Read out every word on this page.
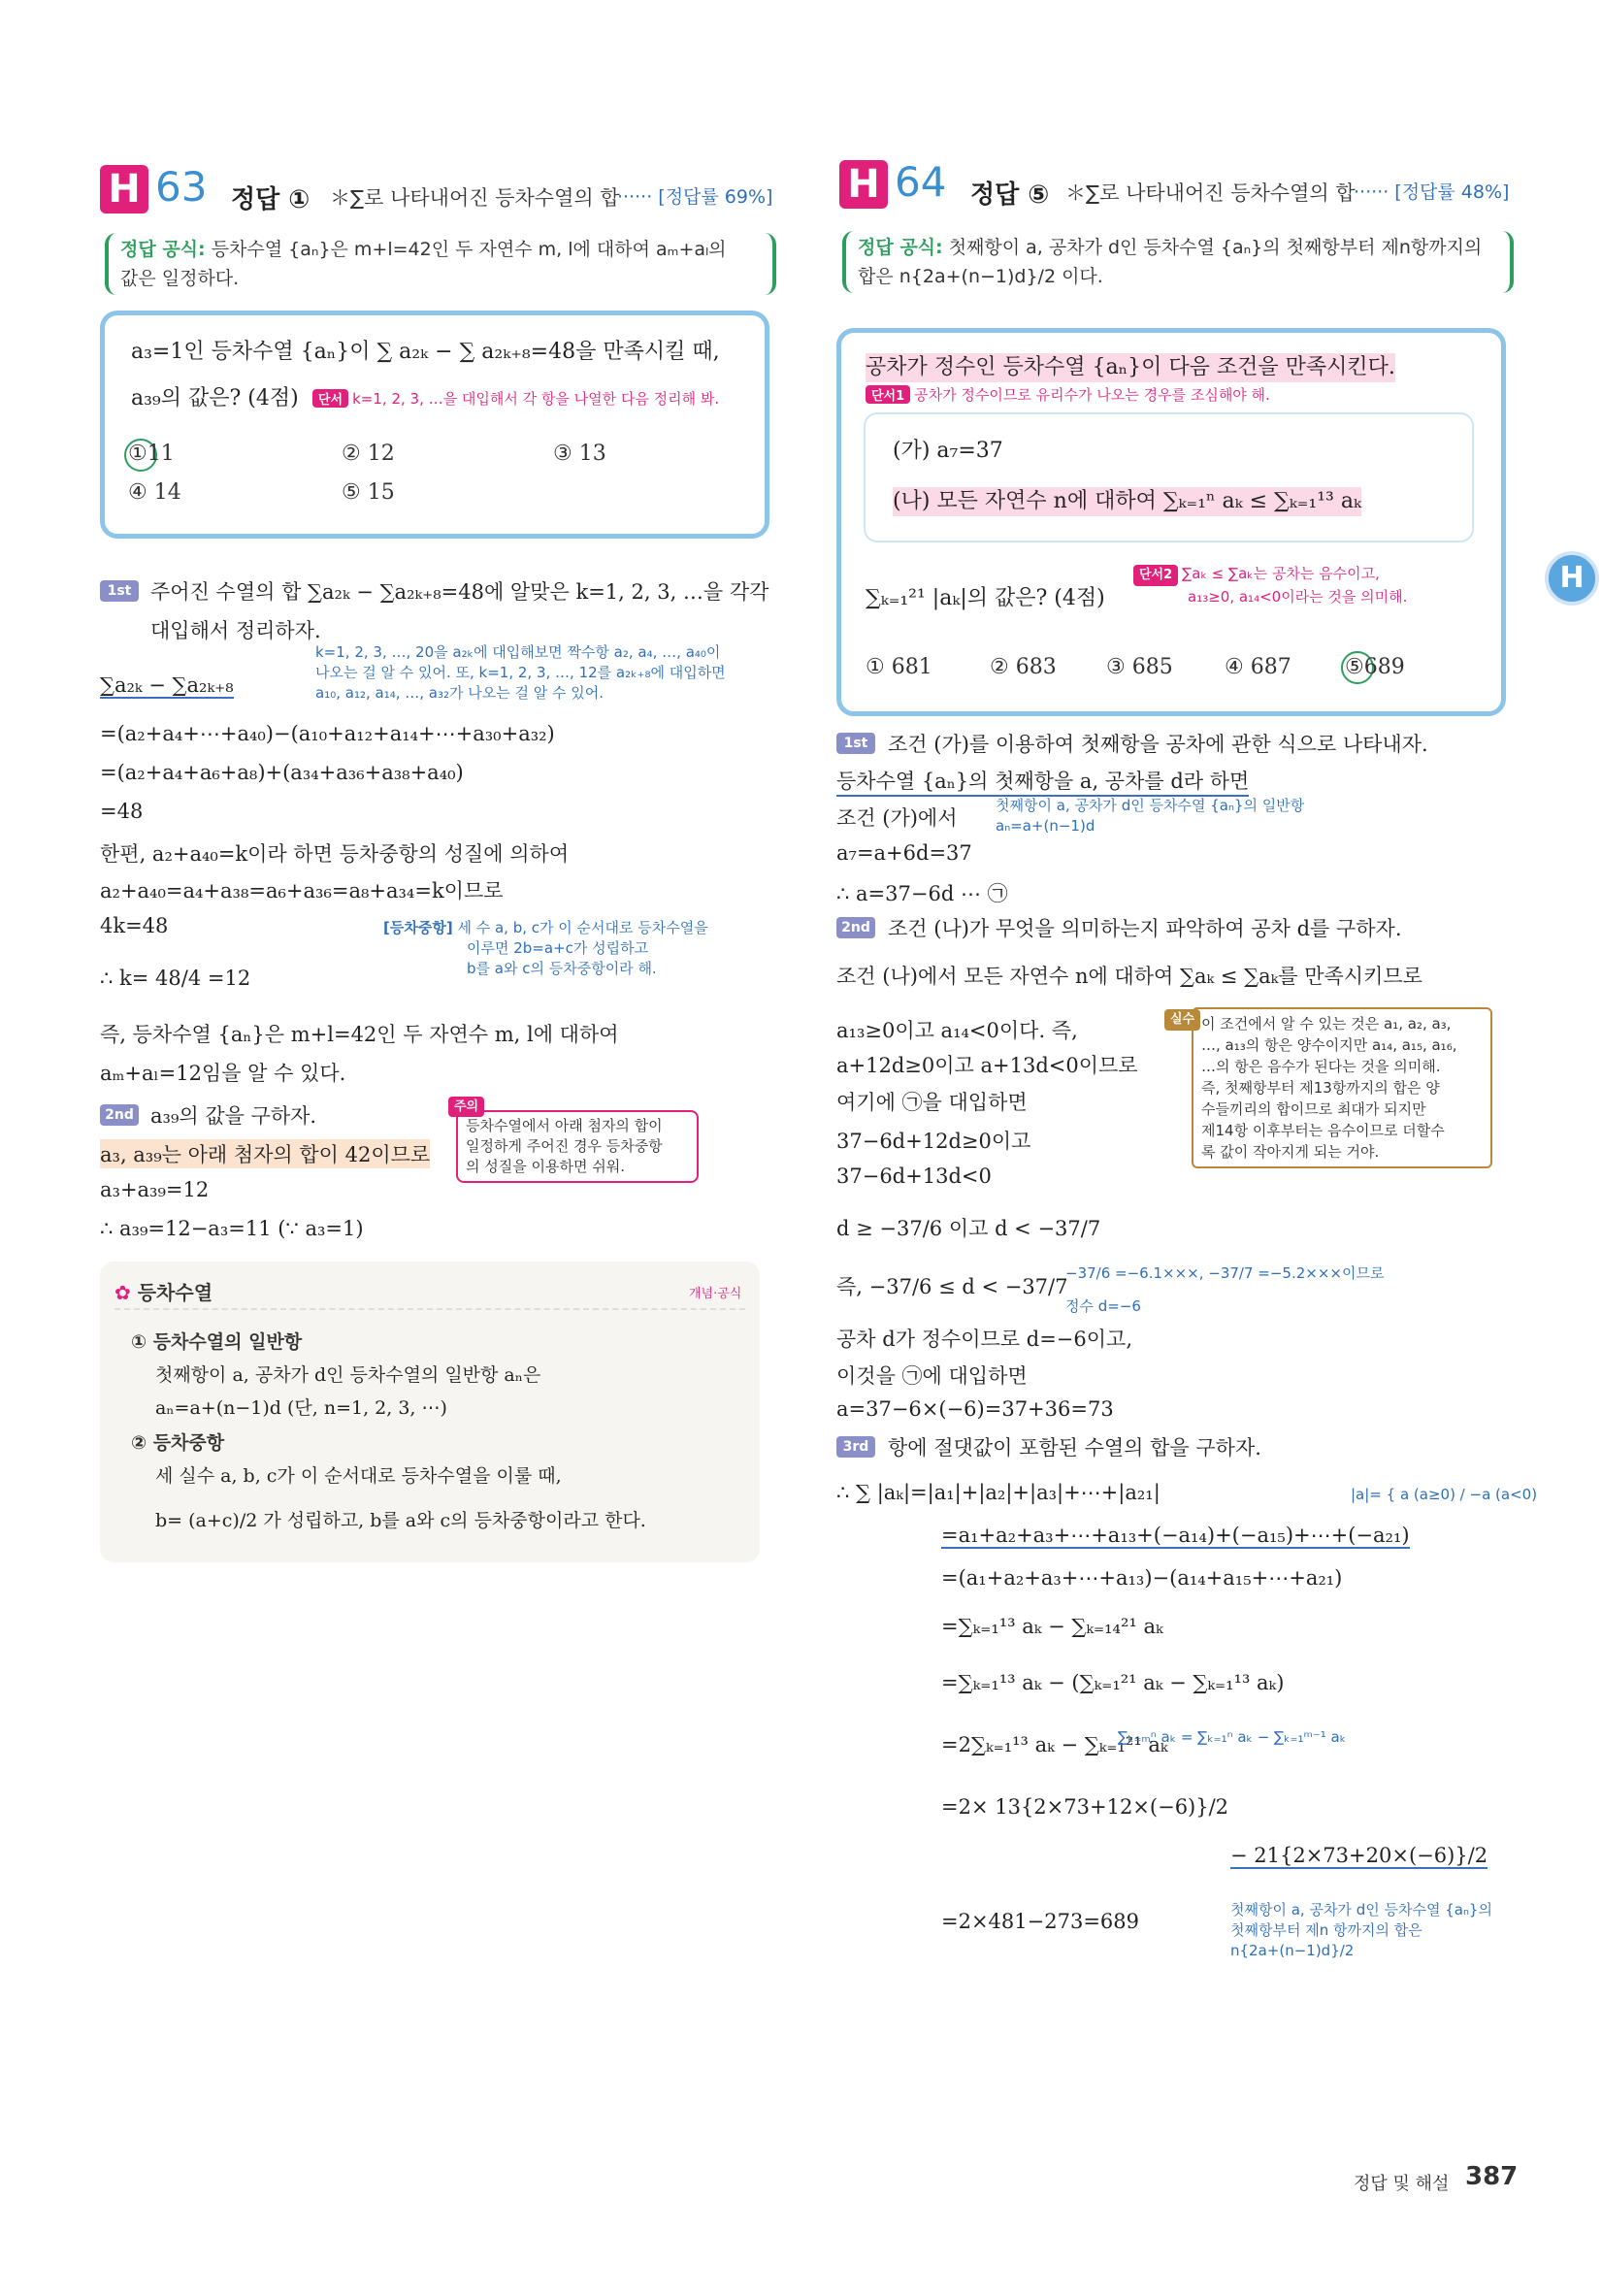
H 63 정답 ① ＊∑로 나타내어진 등차수열의 합
······ [정답률 69%]
정답 공식: 등차수열 {aₙ}은 m+l=42인 두 자연수 m, l에 대하여 aₘ+aₗ의
값은 일정하다.
a₃=1인 등차수열 {aₙ}이 ∑ a₂ₖ − ∑ a₂ₖ₊₈=48을 만족시킬 때,
a₃₉의 값은? (4점)	단서 k=1, 2, 3, …을 대입해서 각 항을 나열한 다음 정리해 봐.
①11	② 12	③ 13
④ 14	⑤ 15
1st 주어진 수열의 합 ∑a₂ₖ − ∑a₂ₖ₊₈=48에 알맞은 k=1, 2, 3, …을 각각
대입해서 정리하자.
k=1, 2, 3, …, 20을 a₂ₖ에 대입해보면 짝수항 a₂, a₄, …, a₄₀이
나오는 걸 알 수 있어. 또, k=1, 2, 3, …, 12를 a₂ₖ₊₈에 대입하면
a₁₀, a₁₂, a₁₄, …, a₃₂가 나오는 걸 알 수 있어.
∑a₂ₖ − ∑a₂ₖ₊₈
=(a₂+a₄+⋯+a₄₀)−(a₁₀+a₁₂+a₁₄+⋯+a₃₀+a₃₂)
=(a₂+a₄+a₆+a₈)+(a₃₄+a₃₆+a₃₈+a₄₀)
=48
한편, a₂+a₄₀=k이라 하면 등차중항의 성질에 의하여
a₂+a₄₀=a₄+a₃₈=a₆+a₃₆=a₈+a₃₄=k이므로
4k=48	[등차중항] 세 수 a, b, c가 이 순서대로 등차수열을
이루면 2b=a+c가 성립하고
b를 a와 c의 등차중항이라 해.
∴ k= 48/4 =12
즉, 등차수열 {aₙ}은 m+l=42인 두 자연수 m, l에 대하여
aₘ+aₗ=12임을 알 수 있다.
2nd a₃₉의 값을 구하자.
a₃, a₃₉는 아래 첨자의 합이 42이므로
주의
등차수열에서 아래 첨자의 합이
일정하게 주어진 경우 등차중항
의 성질을 이용하면 쉬워.
a₃+a₃₉=12
∴ a₃₉=12−a₃=11 (∵ a₃=1)
✿ 등차수열	개념·공식
① 등차수열의 일반항
첫째항이 a, 공차가 d인 등차수열의 일반항 aₙ은
aₙ=a+(n−1)d (단, n=1, 2, 3, ⋯)
② 등차중항
세 실수 a, b, c가 이 순서대로 등차수열을 이룰 때,
b= (a+c)/2 가 성립하고, b를 a와 c의 등차중항이라고 한다.
H 64 정답 ⑤ ＊∑로 나타내어진 등차수열의 합
······ [정답률 48%]
정답 공식: 첫째항이 a, 공차가 d인 등차수열 {aₙ}의 첫째항부터 제n항까지의
합은 n{2a+(n−1)d}/2 이다.
공차가 정수인 등차수열 {aₙ}이 다음 조건을 만족시킨다.
단서1 공차가 정수이므로 유리수가 나오는 경우를 조심해야 해.
(가) a₇=37
(나) 모든 자연수 n에 대하여 ∑ₖ₌₁ⁿ aₖ ≤ ∑ₖ₌₁¹³ aₖ
단서2 ∑aₖ ≤ ∑aₖ는 공차는 음수이고,
a₁₃≥0, a₁₄<0이라는 것을 의미해.
∑ₖ₌₁²¹ |aₖ|의 값은? (4점)
① 681	② 683 ③ 685 ④ 687	⑤689
1st 조건 (가)를 이용하여 첫째항을 공차에 관한 식으로 나타내자.
등차수열 {aₙ}의 첫째항을 a, 공차를 d라 하면
조건 (가)에서
첫째항이 a, 공차가 d인 등차수열 {aₙ}의 일반항
aₙ=a+(n−1)d
a₇=a+6d=37
∴ a=37−6d ⋯ ㉠
2nd 조건 (나)가 무엇을 의미하는지 파악하여 공차 d를 구하자.
조건 (나)에서 모든 자연수 n에 대하여 ∑aₖ ≤ ∑aₖ를 만족시키므로
a₁₃≥0이고 a₁₄<0이다. 즉,
a+12d≥0이고 a+13d<0이므로
여기에 ㉠을 대입하면
37−6d+12d≥0이고
37−6d+13d<0
실수 이 조건에서 알 수 있는 것은 a₁, a₂, a₃,
…, a₁₃의 항은 양수이지만 a₁₄, a₁₅, a₁₆,
…의 항은 음수가 된다는 것을 의미해.
즉, 첫째항부터 제13항까지의 합은 양
수들끼리의 합이므로 최대가 되지만
제14항 이후부터는 음수이므로 더할수
록 값이 작아지게 되는 거야.
d ≥ −37/6 이고 d < −37/7
즉, −37/6 ≤ d < −37/7
−37/6 =−6.1×××, −37/7 =−5.2×××이므로
정수 d=−6
공차 d가 정수이므로 d=−6이고,
이것을 ㉠에 대입하면
a=37−6×(−6)=37+36=73
3rd 항에 절댓값이 포함된 수열의 합을 구하자.
∴ ∑ |aₖ|=|a₁|+|a₂|+|a₃|+⋯+|a₂₁|	|a|= { a (a≥0) / −a (a<0)
=a₁+a₂+a₃+⋯+a₁₃+(−a₁₄)+(−a₁₅)+⋯+(−a₂₁)
=(a₁+a₂+a₃+⋯+a₁₃)−(a₁₄+a₁₅+⋯+a₂₁)
=∑ₖ₌₁¹³ aₖ − ∑ₖ₌₁₄²¹ aₖ
=∑ₖ₌₁¹³ aₖ − (∑ₖ₌₁²¹ aₖ − ∑ₖ₌₁¹³ aₖ)
=2∑ₖ₌₁¹³ aₖ − ∑ₖ₌₁²¹ aₖ
∑ₖ₌ₘⁿ aₖ = ∑ₖ₌₁ⁿ aₖ − ∑ₖ₌₁ᵐ⁻¹ aₖ
=2× 13{2×73+12×(−6)}/2
− 21{2×73+20×(−6)}/2
=2×481−273=689	첫째항이 a, 공차가 d인 등차수열 {aₙ}의
첫째항부터 제n 항까지의 합은
n{2a+(n−1)d}/2
H
정답 및 해설 387
